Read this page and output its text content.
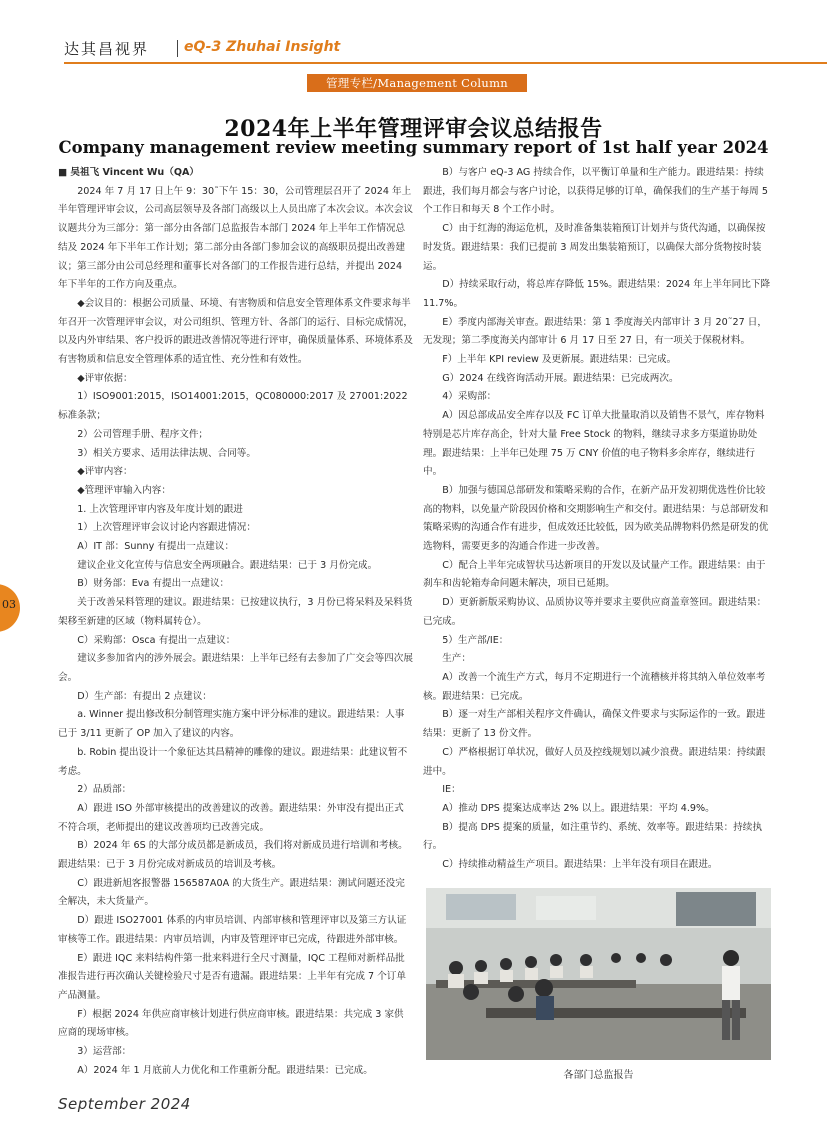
达其昌视界 eQ-3 Zhuhai Insight
管理专栏/Management Column
2024年上半年管理评审会议总结报告
Company management review meeting summary report of 1st half year 2024

■ 吴祖飞 Vincent Wu（QA）

2024 年 7 月 17 日上午 9：30˜下午 15：30，公司管理层召开了 2024 年上半年管理评审会议，公司高层领导及各部门高级以上人员出席了本次会议。本次会议议题共分为三部分：第一部分由各部门总监报告本部门 2024 年上半年工作情况总结及 2024 年下半年工作计划；第二部分由各部门参加会议的高级职员提出改善建议；第三部分由公司总经理和董事长对各部门的工作报告进行总结，并提出 2024 年下半年的工作方向及重点。

◆会议目的：根据公司质量、环境、有害物质和信息安全管理体系文件要求每半年召开一次管理评审会议，对公司组织、管理方针、各部门的运行、目标完成情况，以及内外审结果、客户投诉的跟进改善情况等进行评审，确保质量体系、环境体系及有害物质和信息安全管理体系的适宜性、充分性和有效性。

◆评审依据：

1）ISO9001:2015，ISO14001:2015，QC080000:2017 及 27001:2022 标准条款；

2）公司管理手册、程序文件；

3）相关方要求、适用法律法规、合同等。

◆评审内容：

◆管理评审输入内容：

1. 上次管理评审内容及年度计划的跟进

1）上次管理评审会议讨论内容跟进情况：

A）IT 部：Sunny 有提出一点建议：

建议企业文化宣传与信息安全两项融合。跟进结果：已于 3 月份完成。

B）财务部：Eva 有提出一点建议：

关于改善呆料管理的建议。跟进结果：已按建议执行，3 月份已将呆料及呆料货架移至新建的区域（物料属转仓）。

C）采购部：Osca 有提出一点建议：

建议多参加省内的涉外展会。跟进结果：上半年已经有去参加了广交会等四次展会。

D）生产部：有提出 2 点建议：

a. Winner 提出修改积分制管理实施方案中评分标准的建议。跟进结果：人事已于 3/11 更新了 OP 加入了建议的内容。

b. Robin 提出设计一个象征达其昌精神的雕像的建议。跟进结果：此建议暂不考虑。

2）品质部：

A）跟进 ISO 外部审核提出的改善建议的改善。跟进结果：外审没有提出正式不符合项，老师提出的建议改善项均已改善完成。

B）2024 年 6S 的大部分成员都是新成员，我们将对新成员进行培训和考核。跟进结果：已于 3 月份完成对新成员的培训及考核。

C）跟进新旭客报警器 156587A0A 的大货生产。跟进结果：测试问题还没完全解决，未大货量产。

D）跟进 ISO27001 体系的内审员培训、内部审核和管理评审以及第三方认证审核等工作。跟进结果：内审员培训，内审及管理评审已完成，待跟进外部审核。

E）跟进 IQC 来料结构件第一批来料进行全尺寸测量，IQC 工程师对新样品批准报告进行再次确认关键检验尺寸是否有遗漏。跟进结果：上半年有完成 7 个订单产品测量。

F）根据 2024 年供应商审核计划进行供应商审核。跟进结果：共完成 3 家供应商的现场审核。

3）运营部：

A）2024 年 1 月底前人力优化和工作重新分配。跟进结果：已完成。

B）与客户 eQ-3 AG 持续合作，以平衡订单量和生产能力。跟进结果：持续跟进，我们每月都会与客户讨论，以获得足够的订单，确保我们的生产基于每周 5 个工作日和每天 8 个工作小时。

C）由于红海的海运危机，及时准备集装箱预订计划并与货代沟通，以确保按时发货。跟进结果：我们已提前 3 周发出集装箱预订，以确保大部分货物按时装运。

D）持续采取行动，将总库存降低 15%。跟进结果：2024 年上半年同比下降 11.7%。

E）季度内部海关审查。跟进结果：第 1 季度海关内部审计 3 月 20˜27 日，无发现；第二季度海关内部审计 6 月 17 日至 27 日，有一项关于保税材料。

F）上半年 KPI review 及更新展。跟进结果：已完成。

G）2024 在线咨询活动开展。跟进结果：已完成两次。

4）采购部：

A）因总部成品安全库存以及 FC 订单大批量取消以及销售不景气，库存物料特别是芯片库存高企，针对大量 Free Stock 的物料，继续寻求多方渠道协助处理。跟进结果：上半年已处理 75 万 CNY 价值的电子物料多余库存，继续进行中。

B）加强与德国总部研发和策略采购的合作，在新产品开发初期优选性价比较高的物料，以免量产阶段因价格和交期影响生产和交付。跟进结果：与总部研发和策略采购的沟通合作有进步，但成效还比较低，因为欧美品牌物料仍然是研发的优选物料，需要更多的沟通合作进一步改善。

C）配合上半年完成智状马达新项目的开发以及试量产工作。跟进结果：由于刹车和齿轮箱寿命问题未解决，项目已延期。

D）更新新版采购协议、品质协议等并要求主要供应商盖章签回。跟进结果：已完成。

5）生产部/IE：

生产：

A）改善一个流生产方式，每月不定期进行一个流稽核并将其纳入单位效率考核。跟进结果：已完成。

B）逐一对生产部相关程序文件确认，确保文件要求与实际运作的一致。跟进结果：更新了 13 份文件。

C）严格根据订单状况，做好人员及控线规划以减少浪费。跟进结果：持续跟进中。

IE：

A）推动 DPS 提案达成率达 2% 以上。跟进结果：平均 4.9%。

B）提高 DPS 提案的质量，如注重节约、系统、效率等。跟进结果：持续执行。

C）持续推动精益生产项目。跟进结果：上半年没有项目在跟进。

03
各部门总监报告
September 2024
